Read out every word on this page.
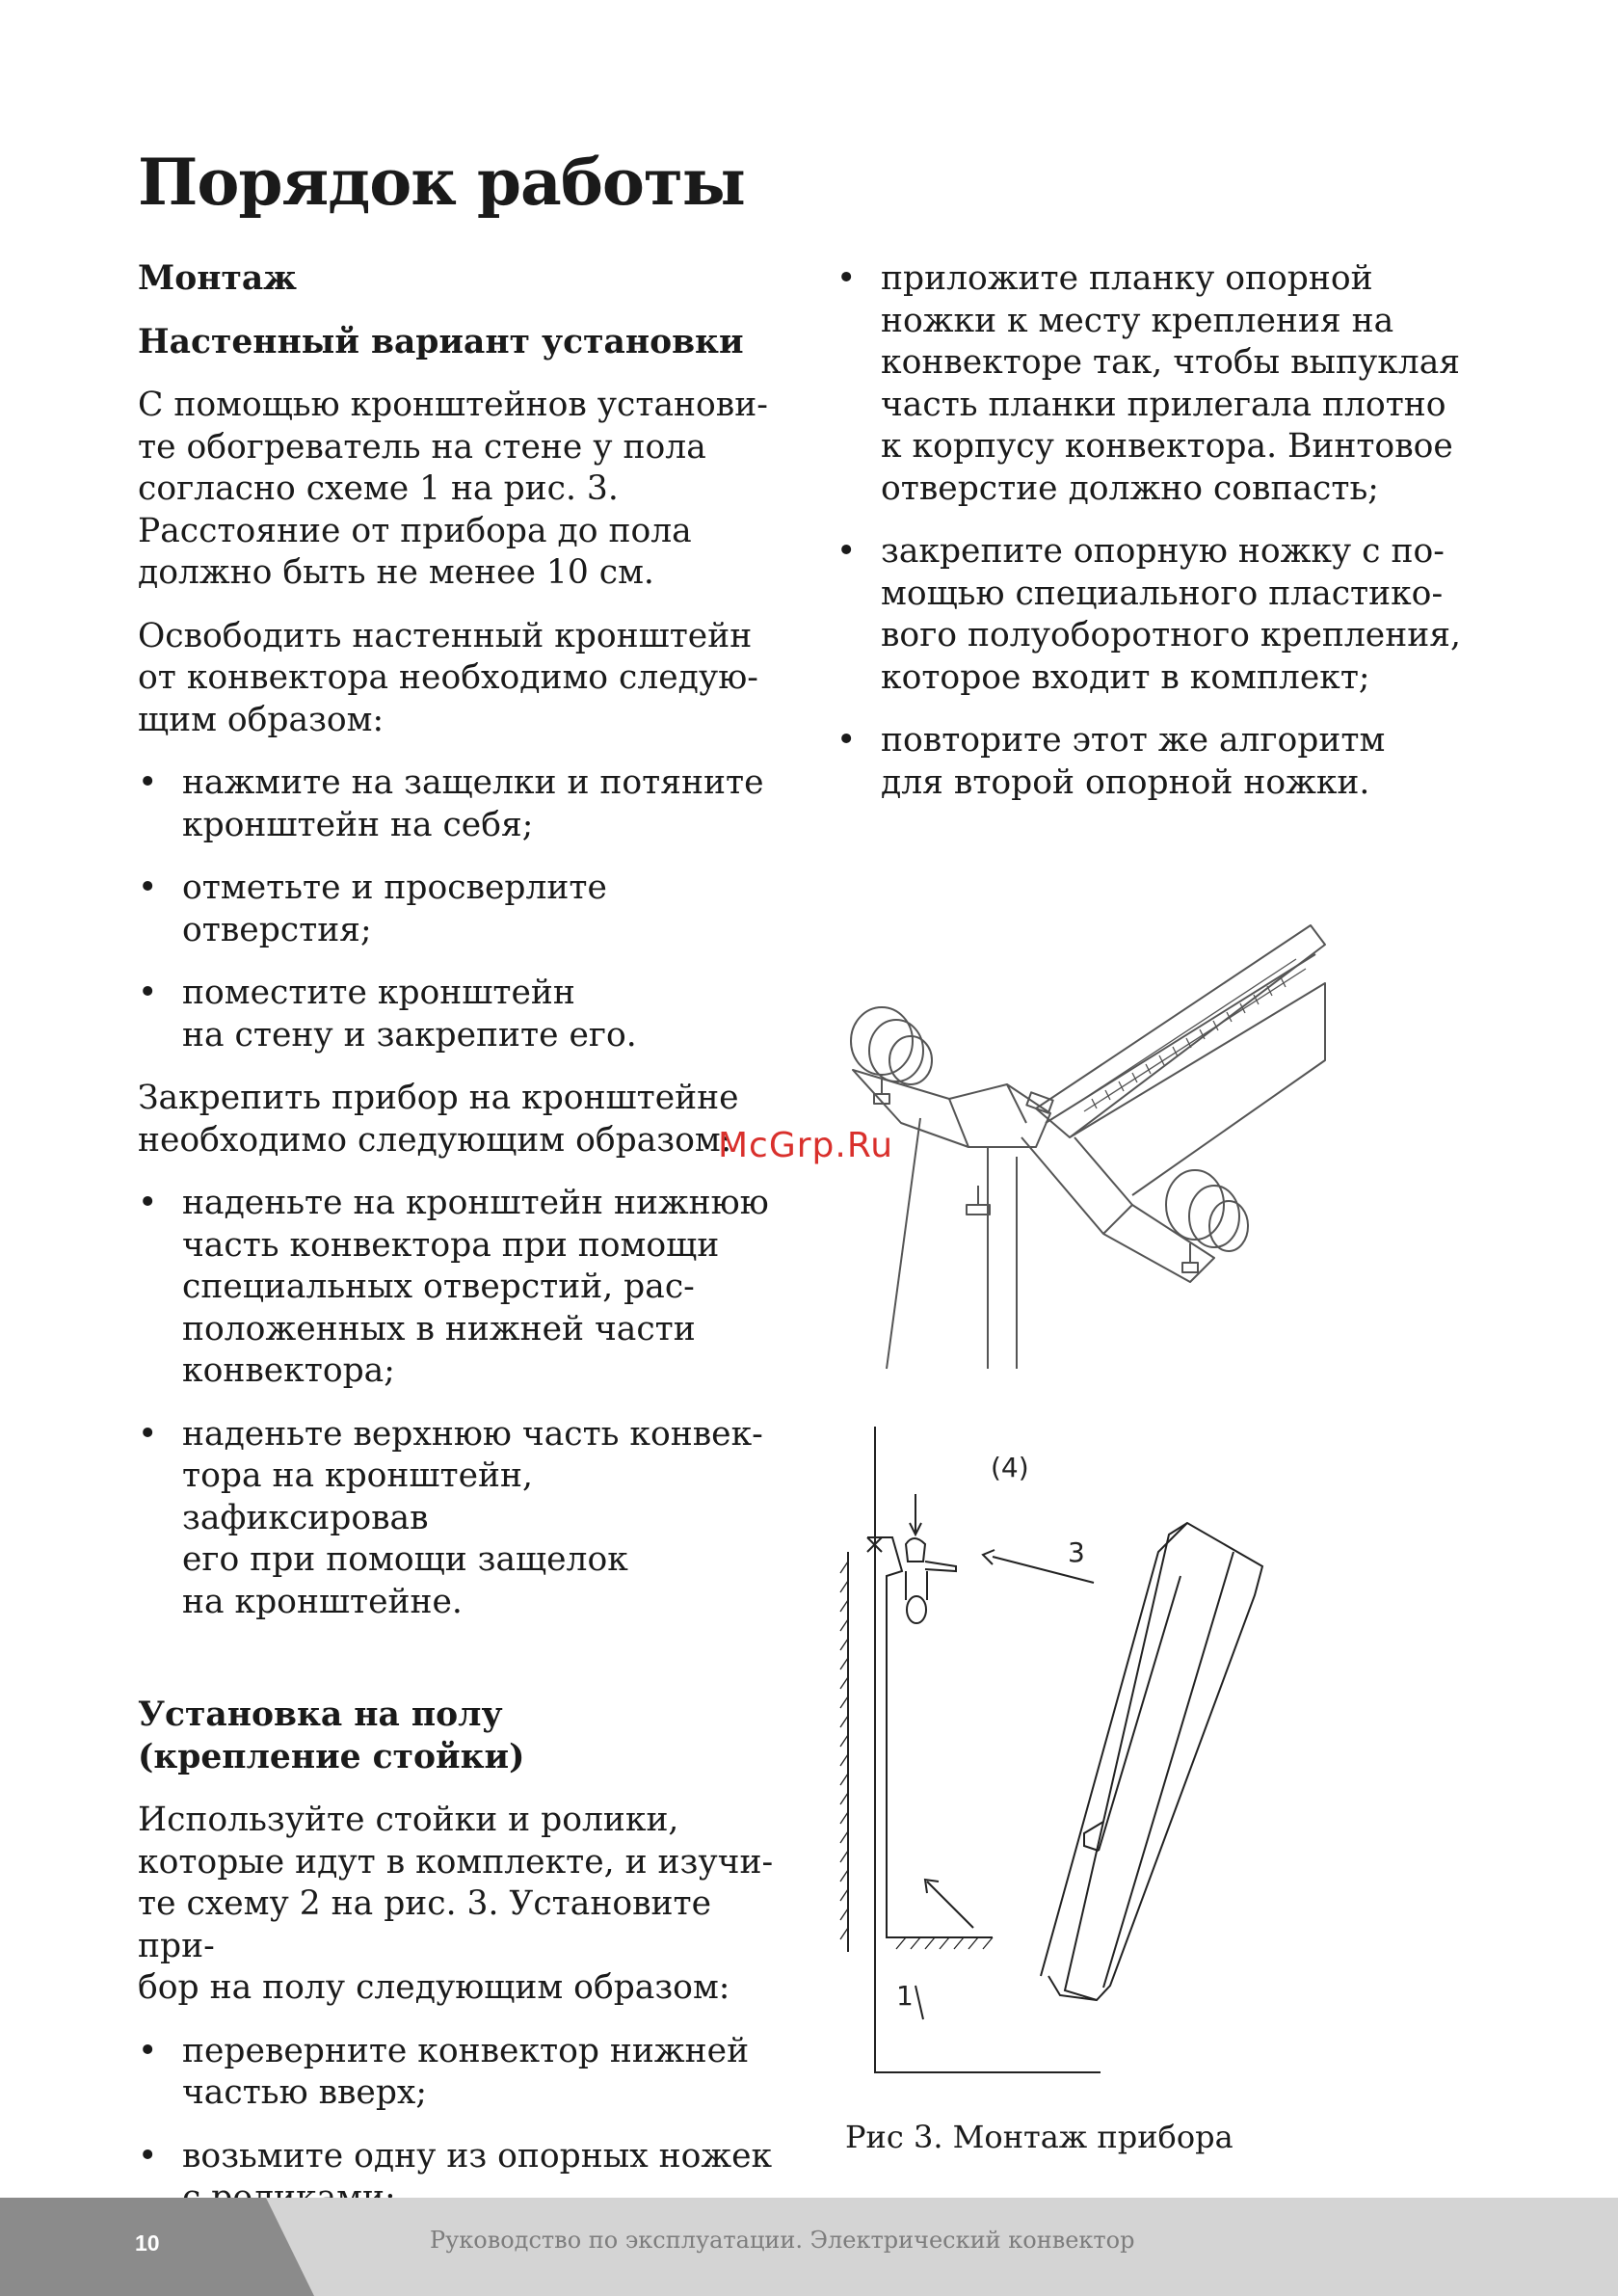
Порядок работы
Монтаж
Настенный вариант установки
С помощью кронштейнов установи-
те обогреватель на стене у пола
согласно схеме 1 на рис. 3.
Расстояние от прибора до пола
должно быть не менее 10 см.
Освободить настенный кронштейн
от конвектора необходимо следую-
щим образом:
• нажмите на защелки и потяните
кронштейн на себя;
• отметьте и просверлите
отверстия;
• поместите кронштейн
на стену и закрепите его.
Закрепить прибор на кронштейне
необходимо следующим образом:
• наденьте на кронштейн нижнюю
часть конвектора при помощи
специальных отверстий, рас-
положенных в нижней части
конвектора;
• наденьте верхнюю часть конвек-
тора на кронштейн, зафиксировав
его при помощи защелок
на кронштейне.
Установка на полу
(крепление стойки)
Используйте стойки и ролики,
которые идут в комплекте, и изучи-
те схему 2 на рис. 3. Установите при-
бор на полу следующим образом:
• переверните конвектор нижней
частью вверх;
• возьмите одну из опорных ножек

• приложите планку опорной
ножки к месту крепления на
конвекторе так, чтобы выпуклая
часть планки прилегала плотно
к корпусу конвектора. Винтовое
отверстие должно совпасть;
• закрепите опорную ножку с по-
мощью специального пластико-
вого полуоборотного крепления,
которое входит в комплект;
• повторите этот же алгоритм
для второй опорной ножки.
McGrp.Ru
(4)
3
1

Рис 3. Монтаж прибора

10	Руководство по эксплуатации. Электрический конвектор
